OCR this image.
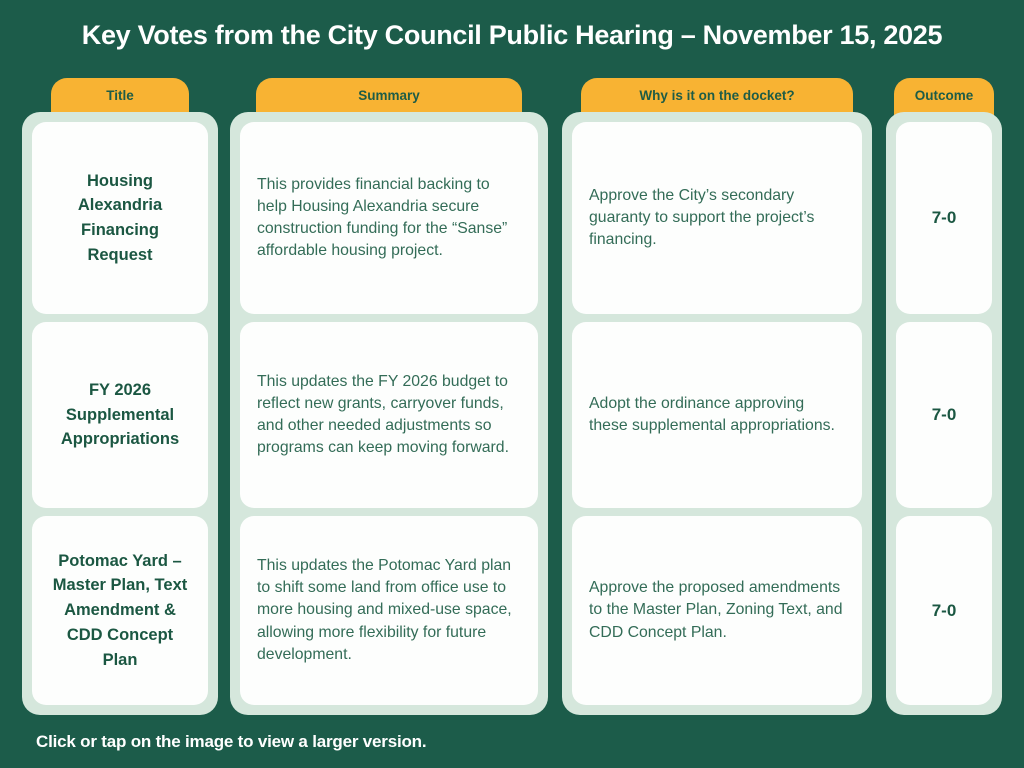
Key Votes from the City Council Public Hearing – November 15, 2025
Title
Housing Alexandria Financing Request
FY 2026 Supplemental Appropriations
Potomac Yard – Master Plan, Text Amendment & CDD Concept Plan
Summary
This provides financial backing to help Housing Alexandria secure construction funding for the “Sanse” affordable housing project.
This updates the FY 2026 budget to reflect new grants, carryover funds, and other needed adjustments so programs can keep moving forward.
This updates the Potomac Yard plan to shift some land from office use to more housing and mixed-use space, allowing more flexibility for future development.
Why is it on the docket?
Approve the City’s secondary guaranty to support the project’s financing.
Adopt the ordinance approving these supplemental appropriations.
Approve the proposed amendments to the Master Plan, Zoning Text, and CDD Concept Plan.
Outcome
7-0
7-0
7-0
Click or tap on the image to view a larger version.
